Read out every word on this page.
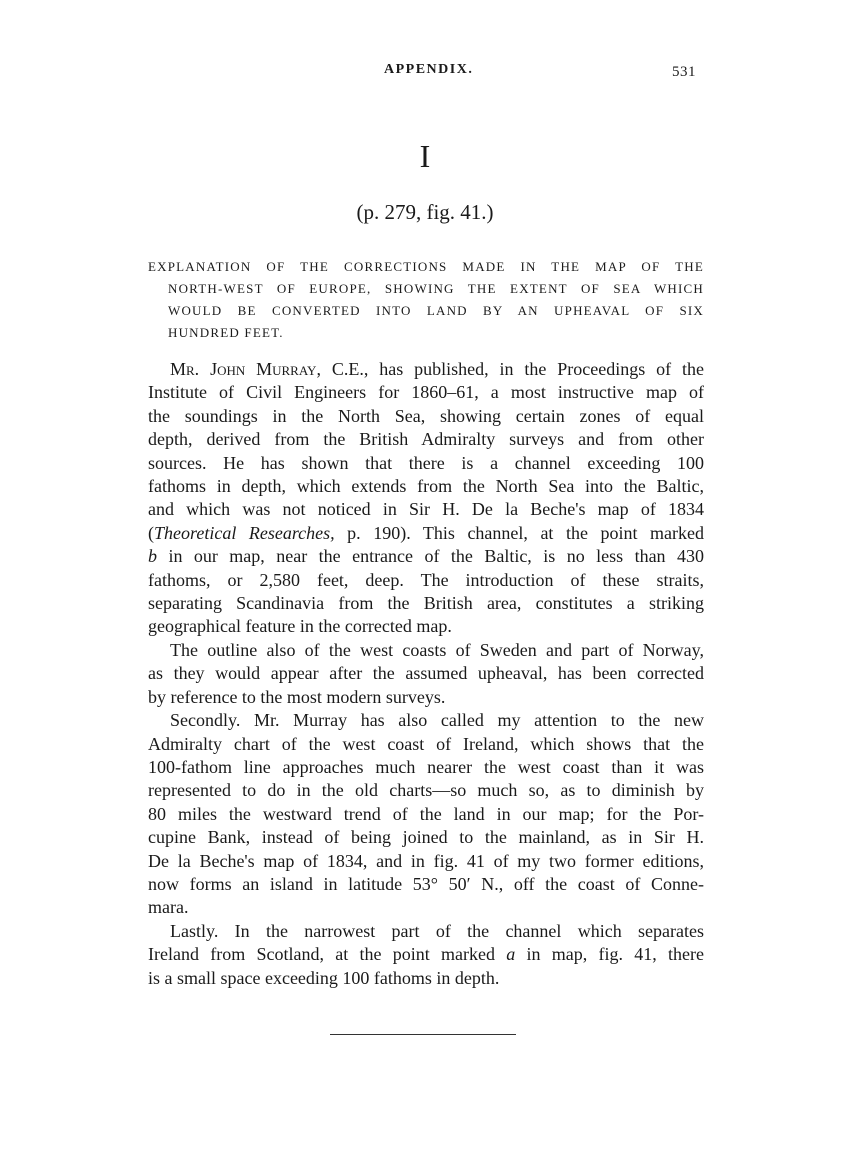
APPENDIX.	531
I
(p. 279, fig. 41.)
EXPLANATION OF THE CORRECTIONS MADE IN THE MAP OF THE
NORTH-WEST OF EUROPE, SHOWING THE EXTENT OF SEA WHICH
WOULD BE CONVERTED INTO LAND BY AN UPHEAVAL OF SIX
HUNDRED FEET.
Mr. John Murray, C.E., has published, in the Proceedings of the
Institute of Civil Engineers for 1860–61, a most instructive map of
the soundings in the North Sea, showing certain zones of equal
depth, derived from the British Admiralty surveys and from other
sources. He has shown that there is a channel exceeding 100
fathoms in depth, which extends from the North Sea into the Baltic,
and which was not noticed in Sir H. De la Beche's map of 1834
(Theoretical Researches, p. 190). This channel, at the point marked
b in our map, near the entrance of the Baltic, is no less than 430
fathoms, or 2,580 feet, deep. The introduction of these straits,
separating Scandinavia from the British area, constitutes a striking
geographical feature in the corrected map.
The outline also of the west coasts of Sweden and part of Norway,
as they would appear after the assumed upheaval, has been corrected
by reference to the most modern surveys.
Secondly. Mr. Murray has also called my attention to the new
Admiralty chart of the west coast of Ireland, which shows that the
100-fathom line approaches much nearer the west coast than it was
represented to do in the old charts—so much so, as to diminish by
80 miles the westward trend of the land in our map; for the Por-
cupine Bank, instead of being joined to the mainland, as in Sir H.
De la Beche's map of 1834, and in fig. 41 of my two former editions,
now forms an island in latitude 53° 50′ N., off the coast of Conne-
mara.
Lastly. In the narrowest part of the channel which separates
Ireland from Scotland, at the point marked a in map, fig. 41, there
is a small space exceeding 100 fathoms in depth.
